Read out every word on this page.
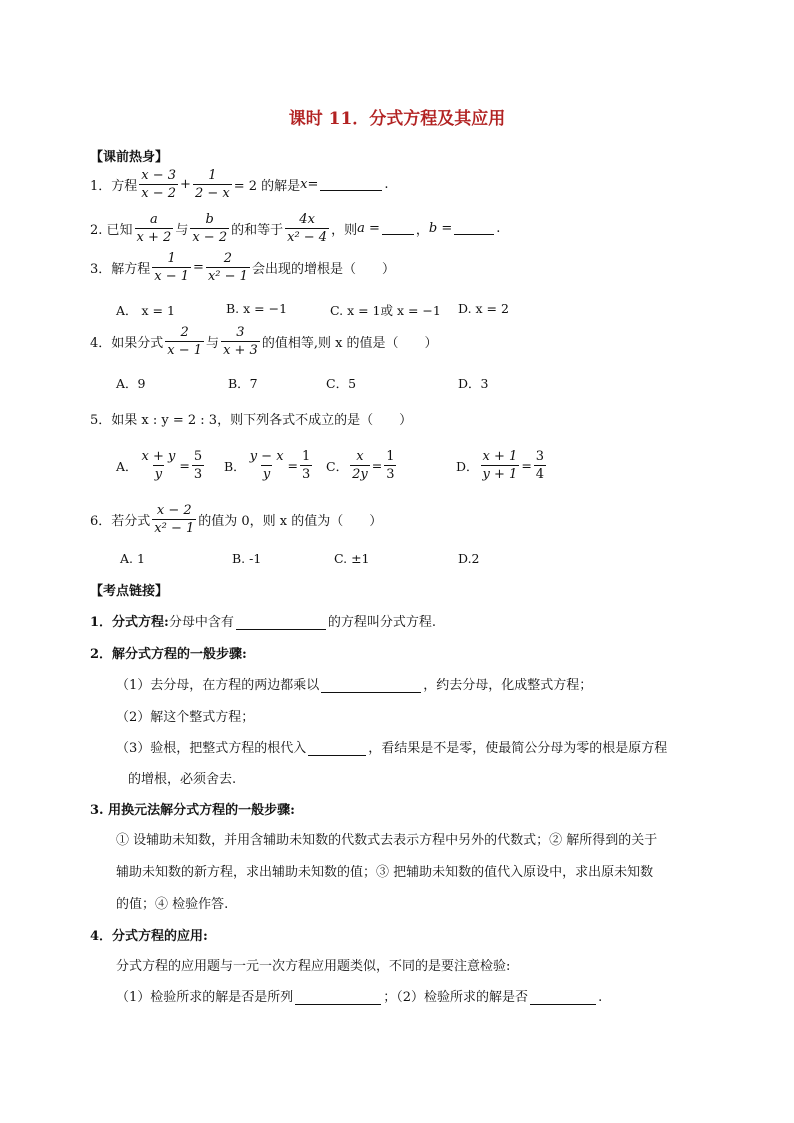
课时 11．分式方程及其应用
【课前热身】
1．方程 $\frac{x - 3}{x - 2} + \frac{1}{2 - x} = 2$ 的解是 x=	.
2. 已知 $\frac{a}{x + 2}$ 与 $\frac{b}{x - 2}$ 的和等于 $\frac{4x}{\text{x² − 4}}$ ，则 a =	， b =	.
3．解方程 $\frac{1}{x - 1} = \frac{2}{\text{x² − 1}}$ 会出现的增根是（　　）
A． x = 1	B. x = −1	C. x = 1或 x = −1 D. x = 2
4．如果分式 $\frac{2}{x - 1}$ 与 $\frac{3}{x + 3}$ 的值相等,则 x 的值是（　　）
A．9	B．7	C．5	D．3
5．如果 x : y = 2 : 3，则下列各式不成立的是（　　）
A． $\frac{x + y}{y} = \frac{5}{3}$ B． $\frac{y - x}{y} = \frac{1}{3}$ C． $\frac{x}{2y} = \frac{1}{3}$	D． $\frac{x + 1}{y + 1} = \frac{3}{4}$
6．若分式 $\frac{x - 2}{\text{x² − 1}}$ 的值为 0，则 x 的值为（　　）
A. 1	B. -1	C. ±1	D.2
【考点链接】
1．分式方程: 分母中含有	的方程叫分式方程.
2．解分式方程的一般步骤:
（1）去分母，在方程的两边都乘以	，约去分母，化成整式方程；
（2）解这个整式方程；
（3）验根，把整式方程的根代入	，看结果是不是零，使最简公分母为零的根是原方程
的增根，必须舍去.
3. 用换元法解分式方程的一般步骤:
① 设辅助未知数，并用含辅助未知数的代数式去表示方程中另外的代数式；② 解所得到的关于
辅助未知数的新方程，求出辅助未知数的值；③ 把辅助未知数的值代入原设中，求出原未知数
的值；④ 检验作答.
4．分式方程的应用:
分式方程的应用题与一元一次方程应用题类似，不同的是要注意检验:
（1）检验所求的解是否是所列	；（2）检验所求的解是否	.
